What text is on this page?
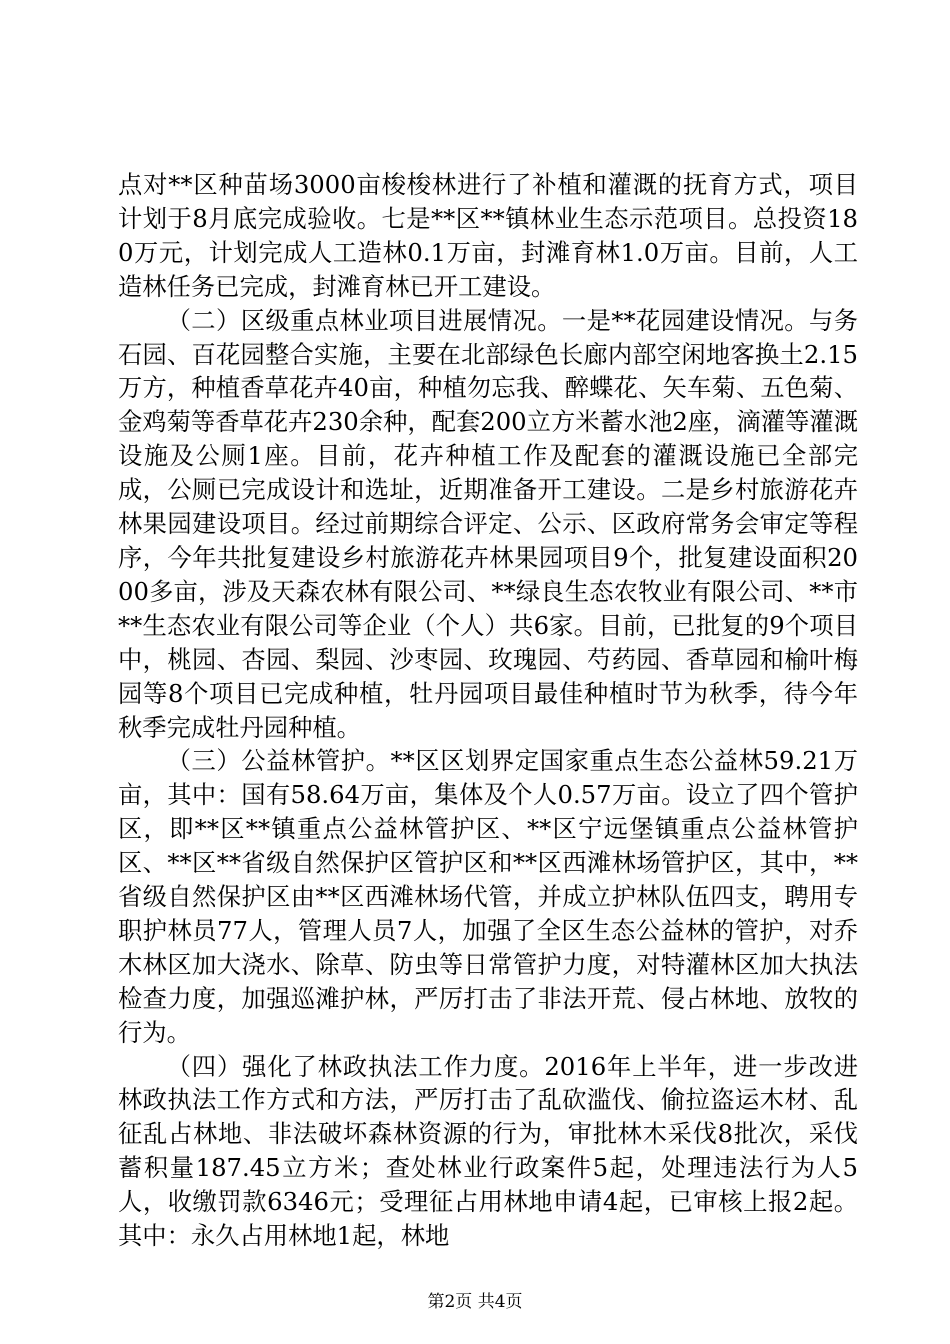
点对**区种苗场3000亩梭梭林进行了补植和灌溉的抚育方式，项目计划于8月底完成验收。七是**区**镇林业生态示范项目。总投资180万元，计划完成人工造林0.1万亩，封滩育林1.0万亩。目前，人工造林任务已完成，封滩育林已开工建设。

（二）区级重点林业项目进展情况。一是**花园建设情况。与务石园、百花园整合实施，主要在北部绿色长廊内部空闲地客换土2.15万方，种植香草花卉40亩，种植勿忘我、醉蝶花、矢车菊、五色菊、金鸡菊等香草花卉230余种，配套200立方米蓄水池2座，滴灌等灌溉设施及公厕1座。目前，花卉种植工作及配套的灌溉设施已全部完成，公厕已完成设计和选址，近期准备开工建设。二是乡村旅游花卉林果园建设项目。经过前期综合评定、公示、区政府常务会审定等程序，今年共批复建设乡村旅游花卉林果园项目9个，批复建设面积2000多亩，涉及天森农林有限公司、**绿良生态农牧业有限公司、**市**生态农业有限公司等企业（个人）共6家。目前，已批复的9个项目中，桃园、杏园、梨园、沙枣园、玫瑰园、芍药园、香草园和榆叶梅园等8个项目已完成种植，牡丹园项目最佳种植时节为秋季，待今年秋季完成牡丹园种植。

（三）公益林管护。**区区划界定国家重点生态公益林59.21万亩，其中：国有58.64万亩，集体及个人0.57万亩。设立了四个管护区，即**区**镇重点公益林管护区、**区宁远堡镇重点公益林管护区、**区**省级自然保护区管护区和**区西滩林场管护区，其中，**省级自然保护区由**区西滩林场代管，并成立护林队伍四支，聘用专职护林员77人，管理人员7人，加强了全区生态公益林的管护，对乔木林区加大浇水、除草、防虫等日常管护力度，对特灌林区加大执法检查力度，加强巡滩护林，严厉打击了非法开荒、侵占林地、放牧的行为。

（四）强化了林政执法工作力度。2016年上半年，进一步改进林政执法工作方式和方法，严厉打击了乱砍滥伐、偷拉盗运木材、乱征乱占林地、非法破坏森林资源的行为，审批林木采伐8批次，采伐蓄积量187.45立方米；查处林业行政案件5起，处理违法行为人5人，收缴罚款6346元；受理征占用林地申请4起，已审核上报2起。其中：永久占用林地1起，林地

第2页 共4页
